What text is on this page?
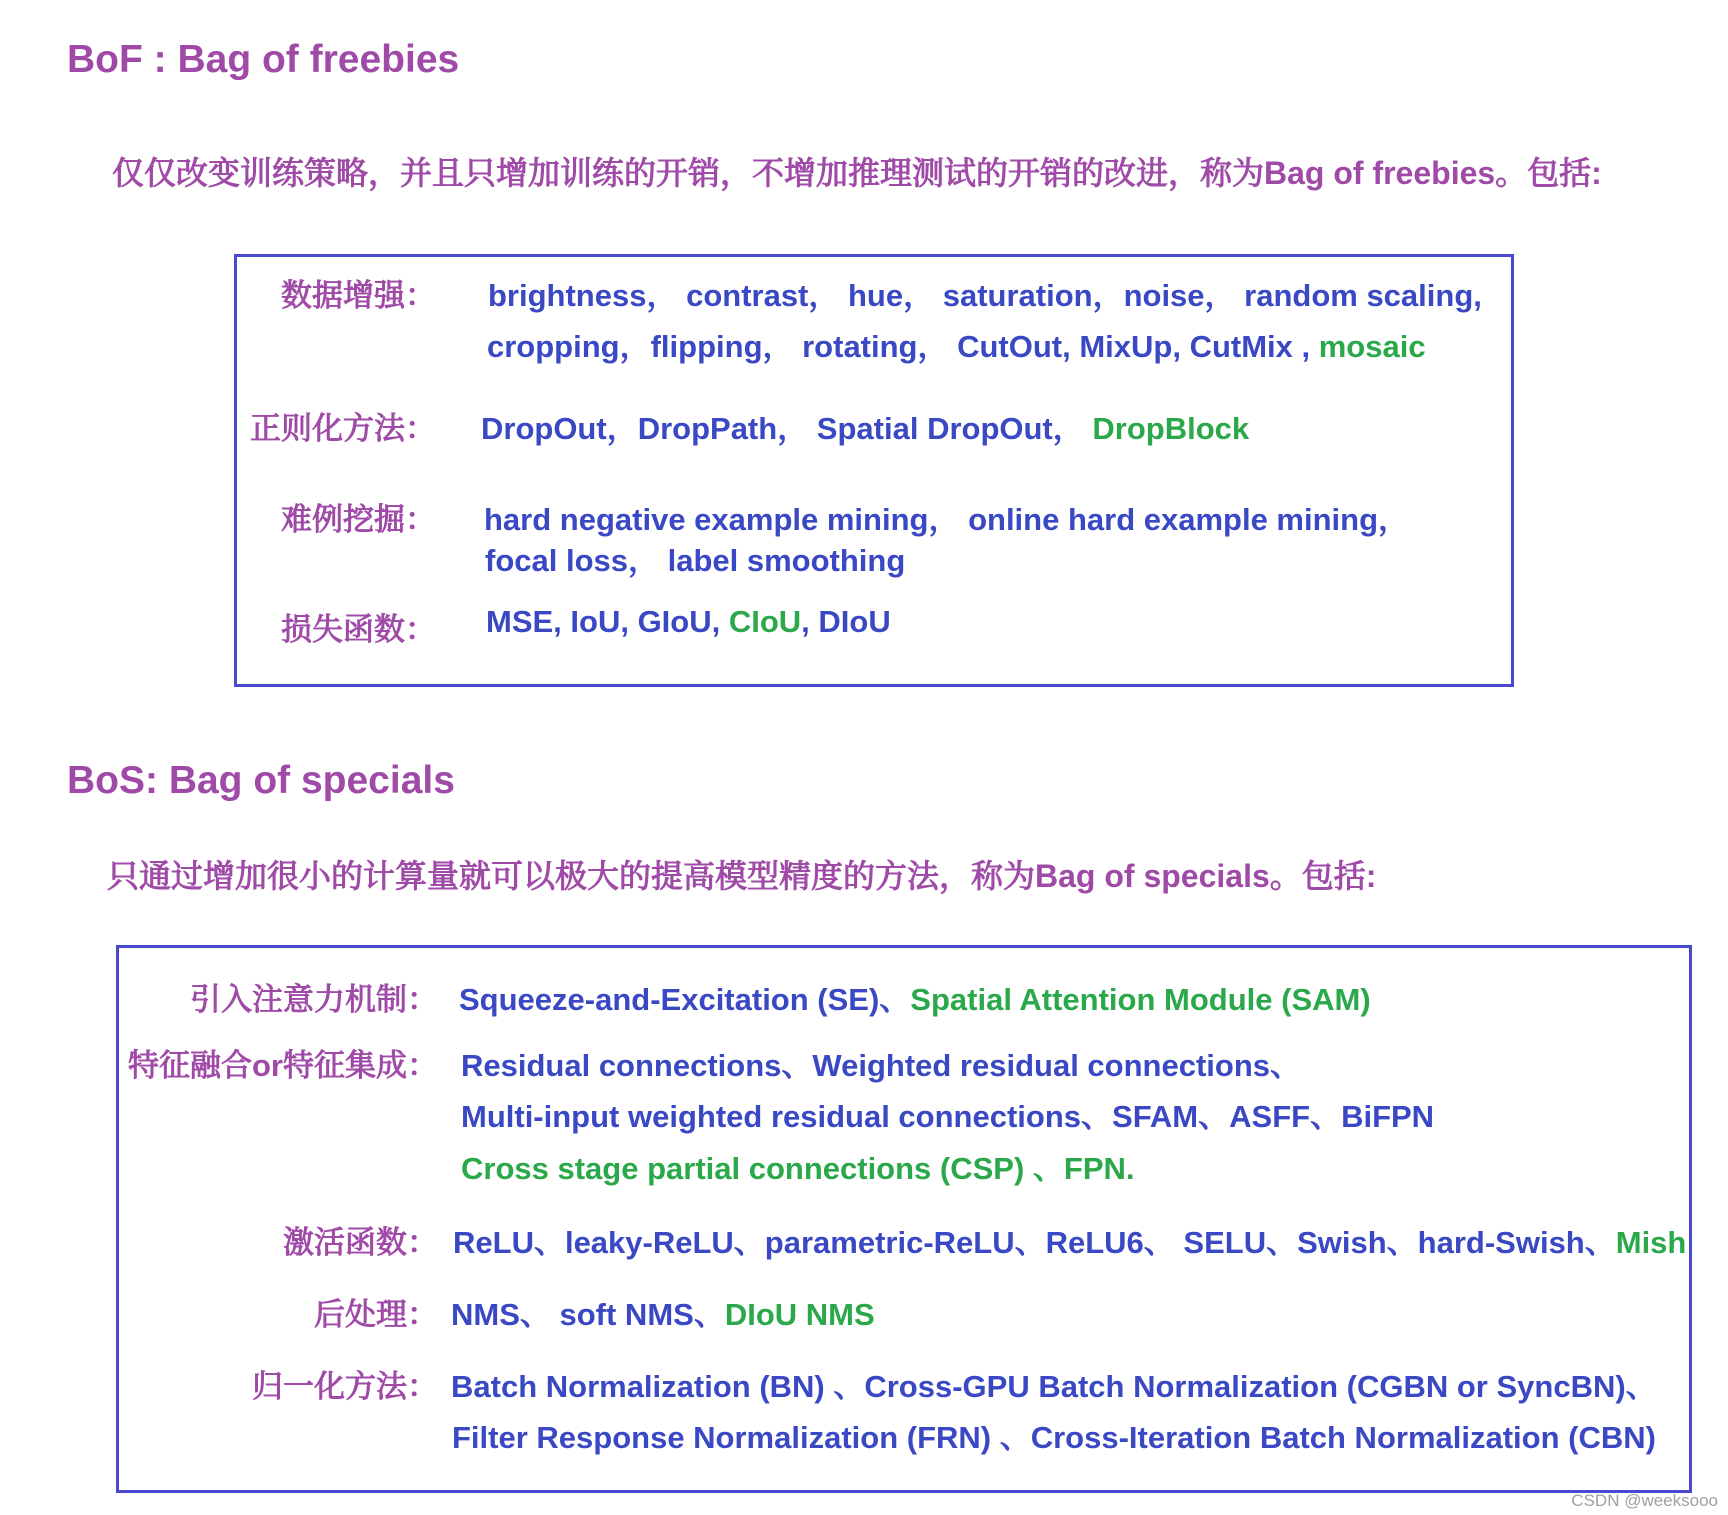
BoF : Bag of freebies
仅仅改变训练策略，并且只增加训练的开销，不增加推理测试的开销的改进，称为Bag of freebies。包括:
数据增强： brightness， contrast， hue， saturation，noise， random scaling,
cropping，flipping， rotating， CutOut, MixUp, CutMix , mosaic
正则化方法： DropOut，DropPath， Spatial DropOut， DropBlock
难例挖掘： hard negative example mining， online hard example mining，
focal loss， label smoothing
损失函数： MSE, IoU, GIoU, CIoU, DIoU
BoS: Bag of specials
只通过增加很小的计算量就可以极大的提高模型精度的方法，称为Bag of specials。包括:
引入注意力机制： Squeeze-and-Excitation (SE)、Spatial Attention Module (SAM)
特征融合or特征集成： Residual connections、Weighted residual connections、
Multi-input weighted residual connections、SFAM、ASFF、BiFPN
Cross stage partial connections (CSP) 、FPN.
激活函数： ReLU、leaky-ReLU、parametric-ReLU、ReLU6、 SELU、Swish、hard-Swish、Mish
后处理： NMS、 soft NMS、DIoU NMS
归一化方法： Batch Normalization (BN) 、Cross-GPU Batch Normalization (CGBN or SyncBN)、
Filter Response Normalization (FRN) 、Cross-Iteration Batch Normalization (CBN)
CSDN @weeksooo
